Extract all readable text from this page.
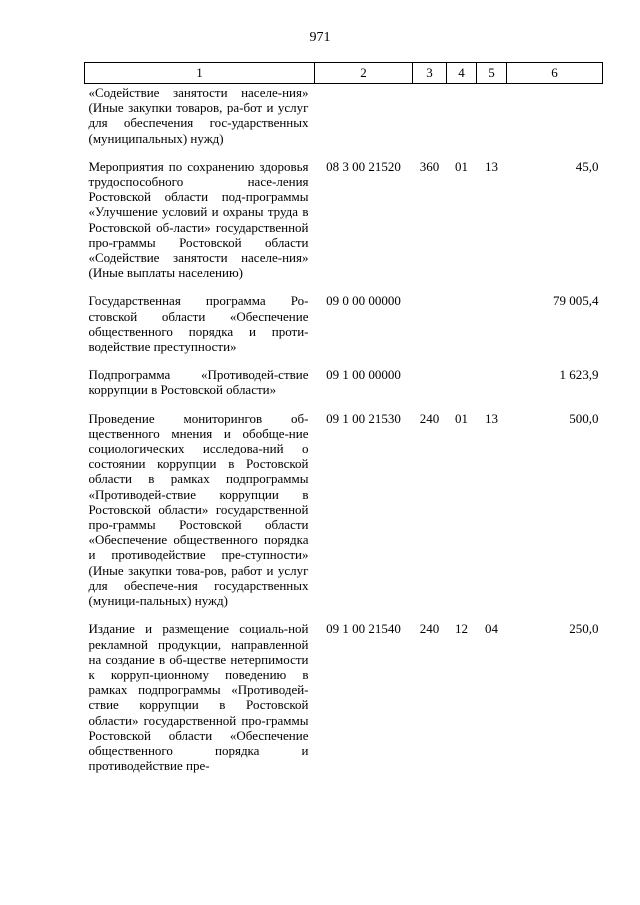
971
1	2	3	4	5	6
«Содействие занятости населе-ния» (Иные закупки товаров, ра-бот и услуг для обеспечения гос-ударственных (муниципальных) нужд)					
Мероприятия по сохранению здоровья трудоспособного насе-ления Ростовской области под-программы «Улучшение условий и охраны труда в Ростовской об-ласти» государственной про-граммы Ростовской области «Содействие занятости населе-ния» (Иные выплаты населению)	08 3 00 21520	360	01	13	45,0
Государственная программа Ро-стовской области «Обеспечение общественного порядка и проти-водействие преступности»	09 0 00 00000				79 005,4
Подпрограмма «Противодей-ствие коррупции в Ростовской области»	09 1 00 00000				1 623,9
Проведение мониторингов об-щественного мнения и обобще-ние социологических исследова-ний о состоянии коррупции в Ростовской области в рамках подпрограммы «Противодей-ствие коррупции в Ростовской области» государственной про-граммы Ростовской области «Обеспечение общественного порядка и противодействие пре-ступности» (Иные закупки това-ров, работ и услуг для обеспече-ния государственных (муници-пальных) нужд)	09 1 00 21530	240	01	13	500,0
Издание и размещение социаль-ной рекламной продукции, направленной на создание в об-ществе нетерпимости к корруп-ционному поведению в рамках подпрограммы «Противодей-ствие коррупции в Ростовской области» государственной про-граммы Ростовской области «Обеспечение общественного порядка и противодействие пре-	09 1 00 21540	240	12	04	250,0
